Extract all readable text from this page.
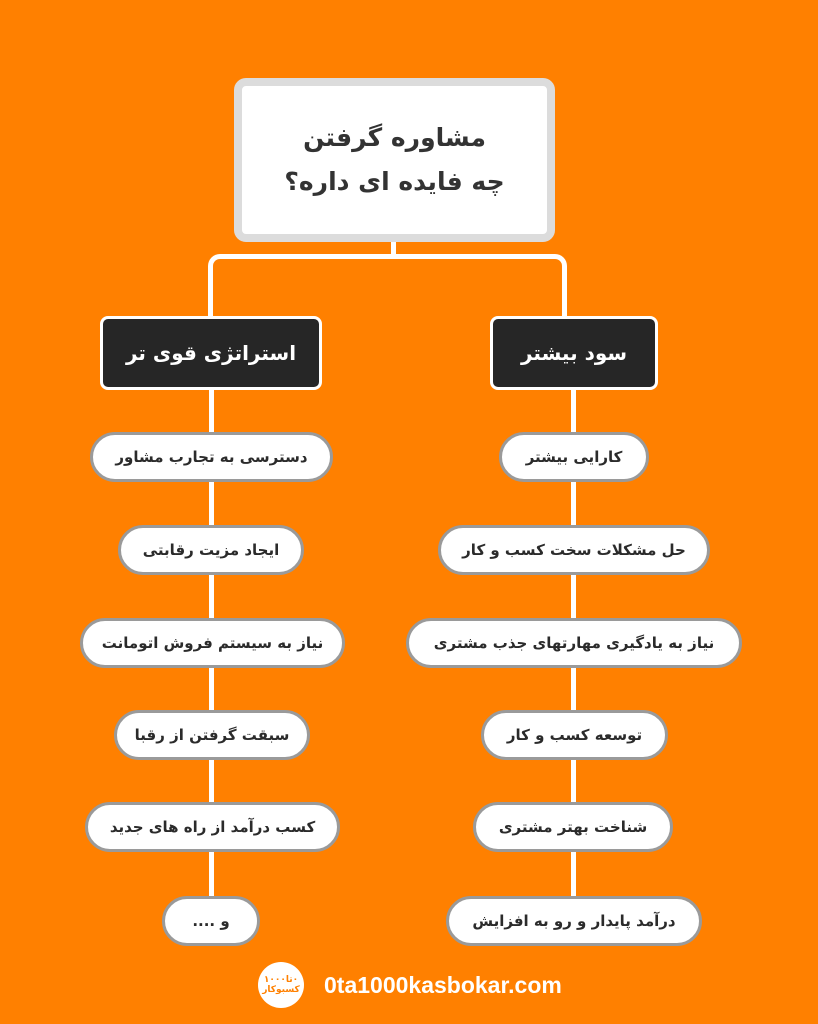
مشاوره گرفتن
چه فایده ای داره؟
استراتژی قوی تر	سود بیشتر
دسترسی به تجارب مشاور
ایجاد مزیت رقابتی
نیاز به سیستم فروش اتومانت
سبقت گرفتن از رقبا
کسب درآمد از راه های جدید
و ....
کارایی بیشتر
حل مشکلات سخت کسب و کار
نیاز به یادگیری مهارتهای جذب مشتری
توسعه کسب و کار
شناخت بهتر مشتری
درآمد پایدار و رو به افزایش
۰تا۱۰۰۰ کسبوکار 0ta1000kasbokar.com
